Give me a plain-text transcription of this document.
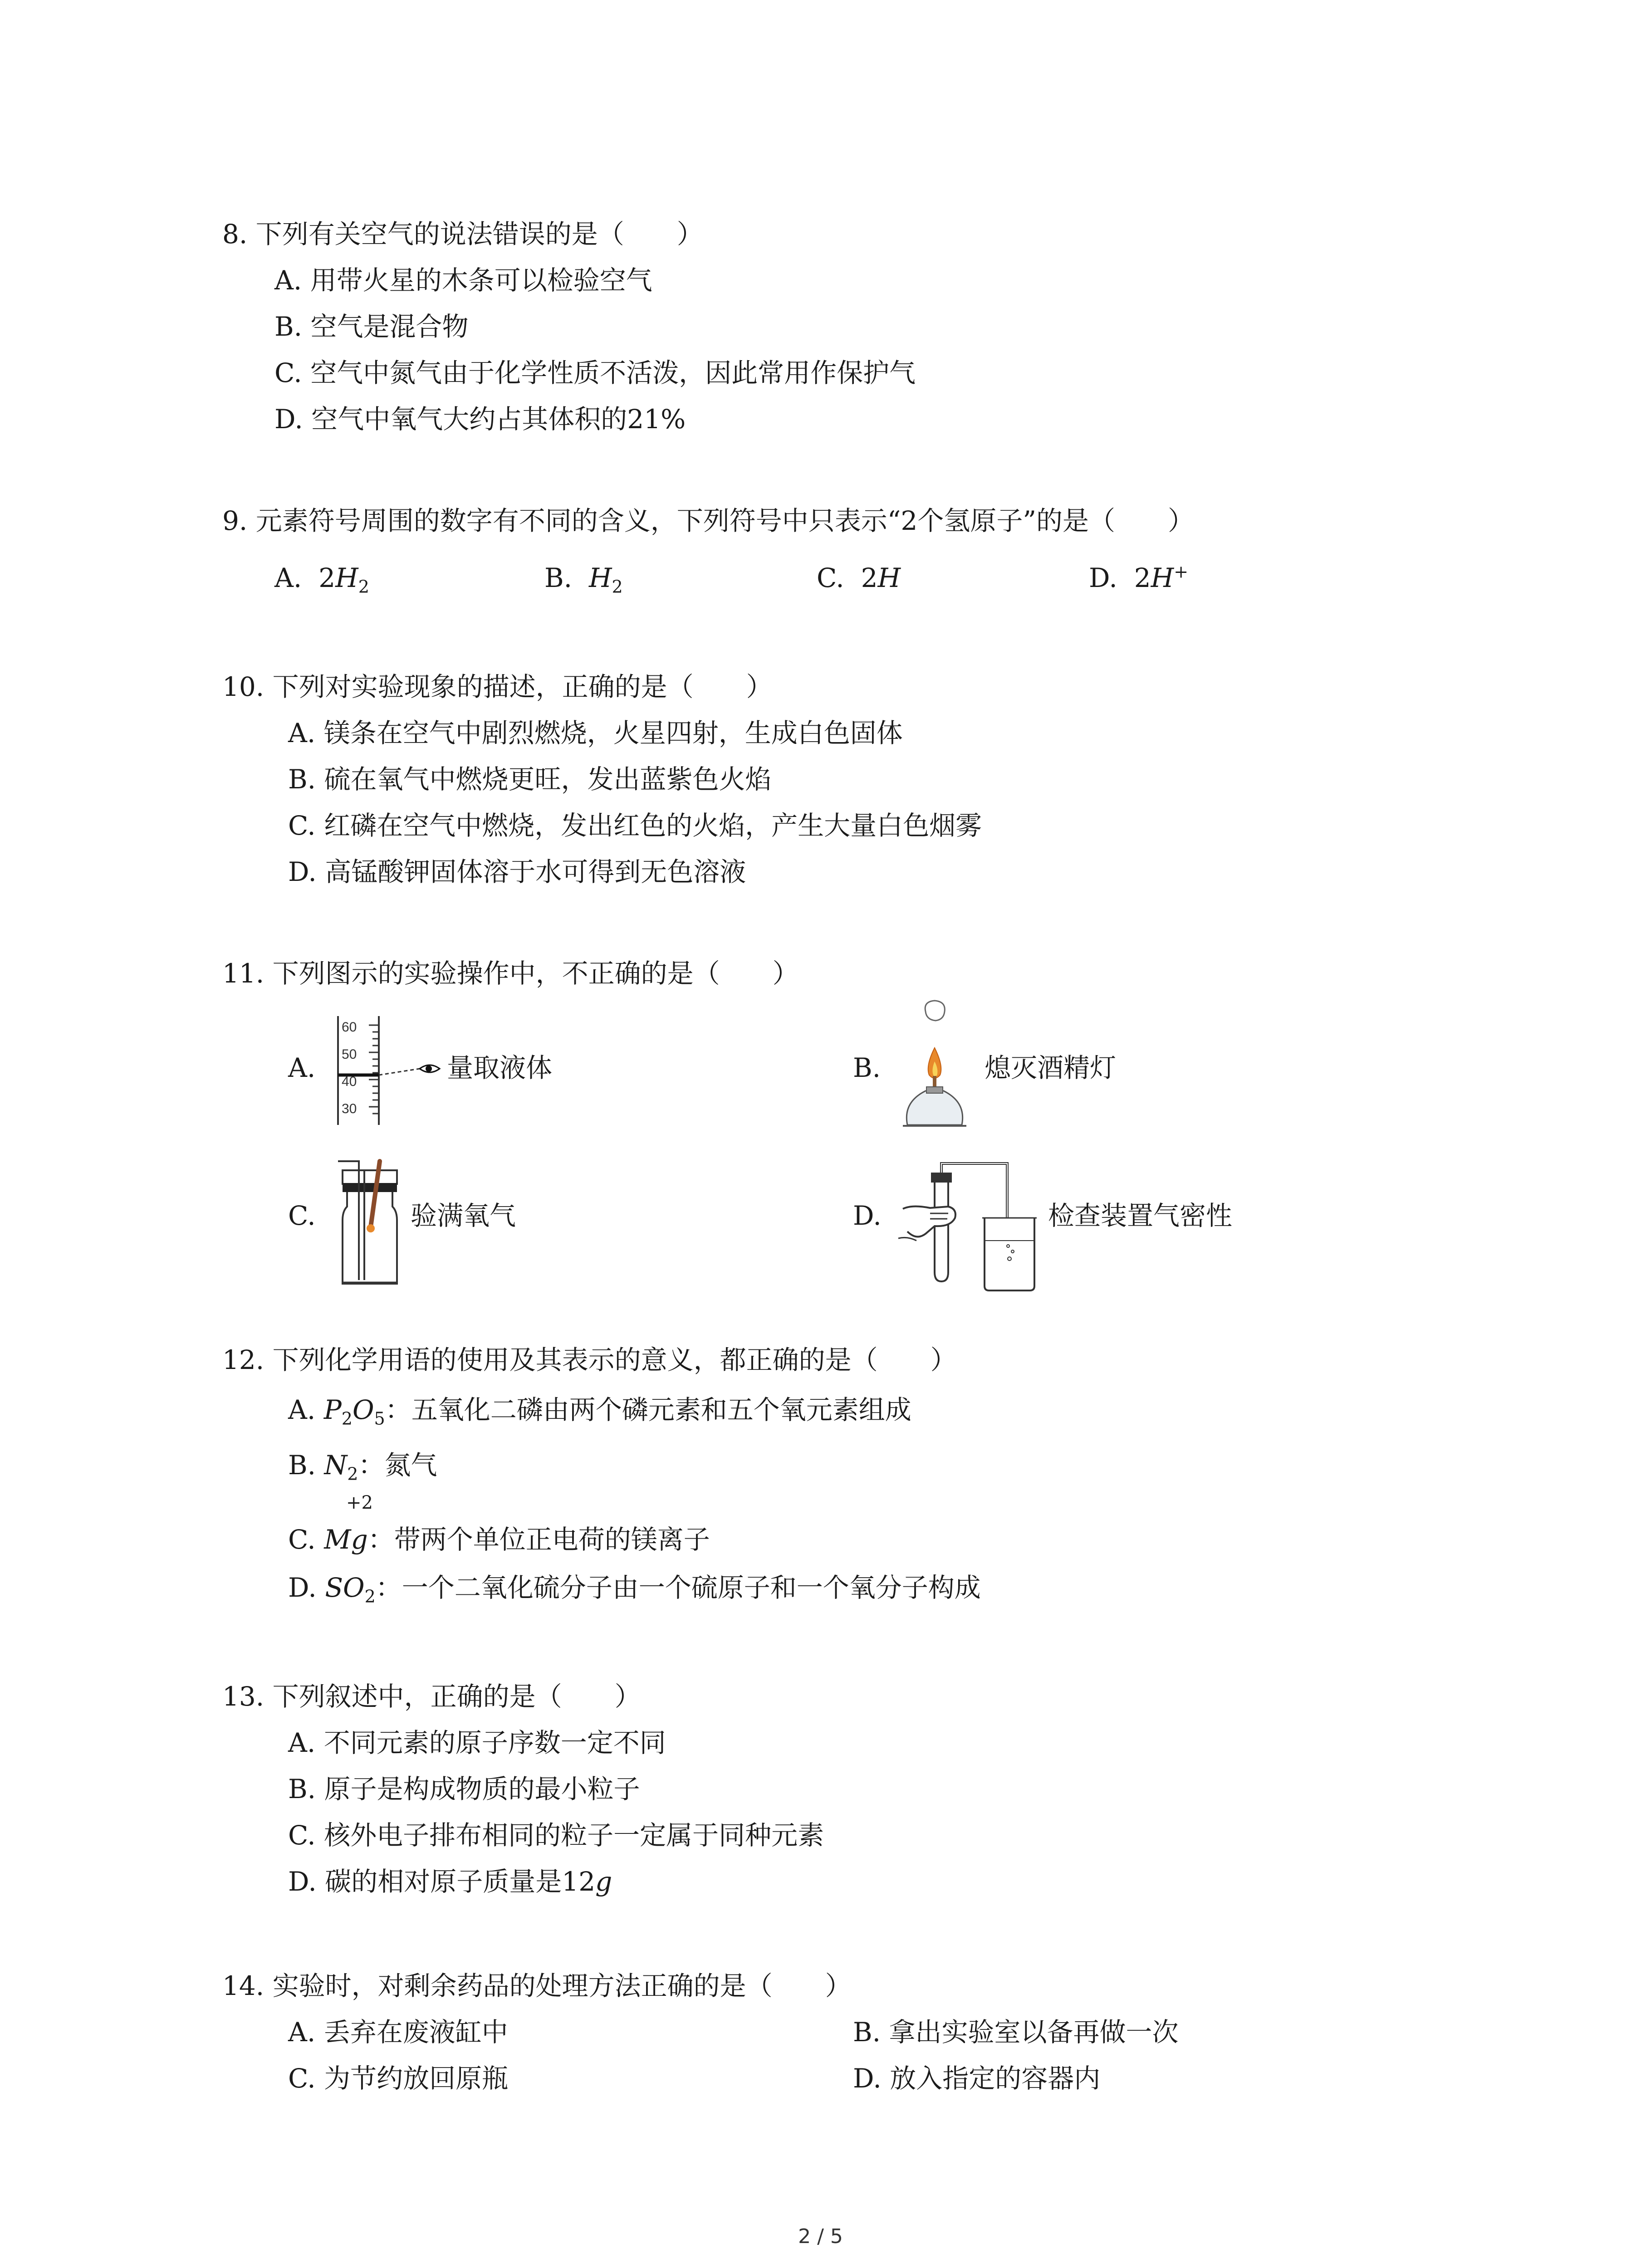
8. 下列有关空气的说法错误的是（　　）
A. 用带火星的木条可以检验空气
B. 空气是混合物
C. 空气中氮气由于化学性质不活泼，因此常用作保护气
D. 空气中氧气大约占其体积的21%
9. 元素符号周围的数字有不同的含义，下列符号中只表示“2个氢原子”的是（　　）
A. $2H_2$	B. $H_2$	C. 2H	D. 2H+
10. 下列对实验现象的描述，正确的是（　　）
A. 镁条在空气中剧烈燃烧，火星四射，生成白色固体
B. 硫在氧气中燃烧更旺，发出蓝紫色火焰
C. 红磷在空气中燃烧，发出红色的火焰，产生大量白色烟雾
D. 高锰酸钾固体溶于水可得到无色溶液
11. 下列图示的实验操作中，不正确的是（　　）
A.
60
50
40
30
量取液体	B.	熄灭酒精灯
C.	验满氧气	D.	检查装置气密性
12. 下列化学用语的使用及其表示的意义，都正确的是（　　）
A. $P_2O_5$：五氧化二磷由两个磷元素和五个氧元素组成
B. $N_2$：氮气
+2
C. Mg：带两个单位正电荷的镁离子
D. $SO_2$：一个二氧化硫分子由一个硫原子和一个氧分子构成
13. 下列叙述中，正确的是（　　）
A. 不同元素的原子序数一定不同
B. 原子是构成物质的最小粒子
C. 核外电子排布相同的粒子一定属于同种元素
D. 碳的相对原子质量是12g
14. 实验时，对剩余药品的处理方法正确的是（　　）
A. 丢弃在废液缸中	B. 拿出实验室以备再做一次
C. 为节约放回原瓶	D. 放入指定的容器内
2 / 5
